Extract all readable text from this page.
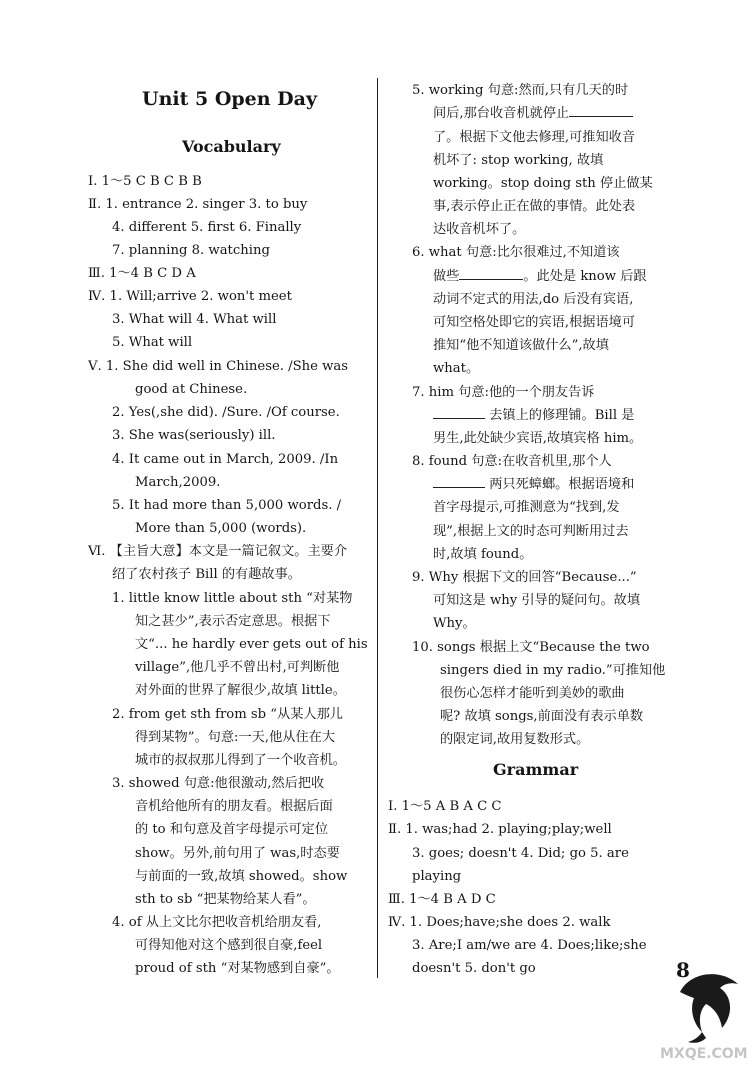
Unit 5 Open Day
Vocabulary
Ⅰ. 1～5 C B C B B
Ⅱ. 1. entrance 2. singer 3. to buy
4. different 5. first 6. Finally
7. planning 8. watching
Ⅲ. 1～4 B C D A
Ⅳ. 1. Will;arrive 2. won't meet
3. What will 4. What will
5. What will
Ⅴ. 1. She did well in Chinese. /She was
good at Chinese.
2. Yes(,she did). /Sure. /Of course.
3. She was(seriously) ill.
4. It came out in March, 2009. /In
March,2009.
5. It had more than 5,000 words. /
More than 5,000 (words).
Ⅵ. 【主旨大意】本文是一篇记叙文。主要介
绍了农村孩子 Bill 的有趣故事。
1. little know little about sth “对某物
知之甚少”,表示否定意思。根据下
文“... he hardly ever gets out of his
village”,他几乎不曾出村,可判断他
对外面的世界了解很少,故填 little。
2. from get sth from sb “从某人那儿
得到某物”。句意:一天,他从住在大
城市的叔叔那儿得到了一个收音机。
3. showed 句意:他很激动,然后把收
音机给他所有的朋友看。根据后面
的 to 和句意及首字母提示可定位
show。另外,前句用了 was,时态要
与前面的一致,故填 showed。show
sth to sb “把某物给某人看”。
4. of 从上文比尔把收音机给朋友看,
可得知他对这个感到很自豪,feel
proud of sth “对某物感到自豪”。
5. working 句意:然而,只有几天的时
间后,那台收音机就停止
了。根据下文他去修理,可推知收音
机坏了: stop working, 故填
working。stop doing sth 停止做某
事,表示停止正在做的事情。此处表
达收音机坏了。
6. what 句意:比尔很难过,不知道该
做些	。此处是 know 后跟
动词不定式的用法,do 后没有宾语,
可知空格处即它的宾语,根据语境可
推知“他不知道该做什么”,故填
what。
7. him 句意:他的一个朋友告诉
去镇上的修理铺。Bill 是
男生,此处缺少宾语,故填宾格 him。
8. found 句意:在收音机里,那个人
两只死蟑螂。根据语境和
首字母提示,可推测意为“找到,发
现”,根据上文的时态可判断用过去
时,故填 found。
9. Why 根据下文的回答“Because...”
可知这是 why 引导的疑问句。故填
Why。
10. songs 根据上文“Because the two
singers died in my radio.”可推知他
很伤心怎样才能听到美妙的歌曲
呢? 故填 songs,前面没有表示单数
的限定词,故用复数形式。
Grammar
Ⅰ. 1～5 A B A C C
Ⅱ. 1. was;had 2. playing;play;well
3. goes; doesn't 4. Did; go 5. are
playing
Ⅲ. 1～4 B A D C
Ⅳ. 1. Does;have;she does 2. walk
3. Are;I am/we are 4. Does;like;she
doesn't 5. don't go	8
MXQE.COM
